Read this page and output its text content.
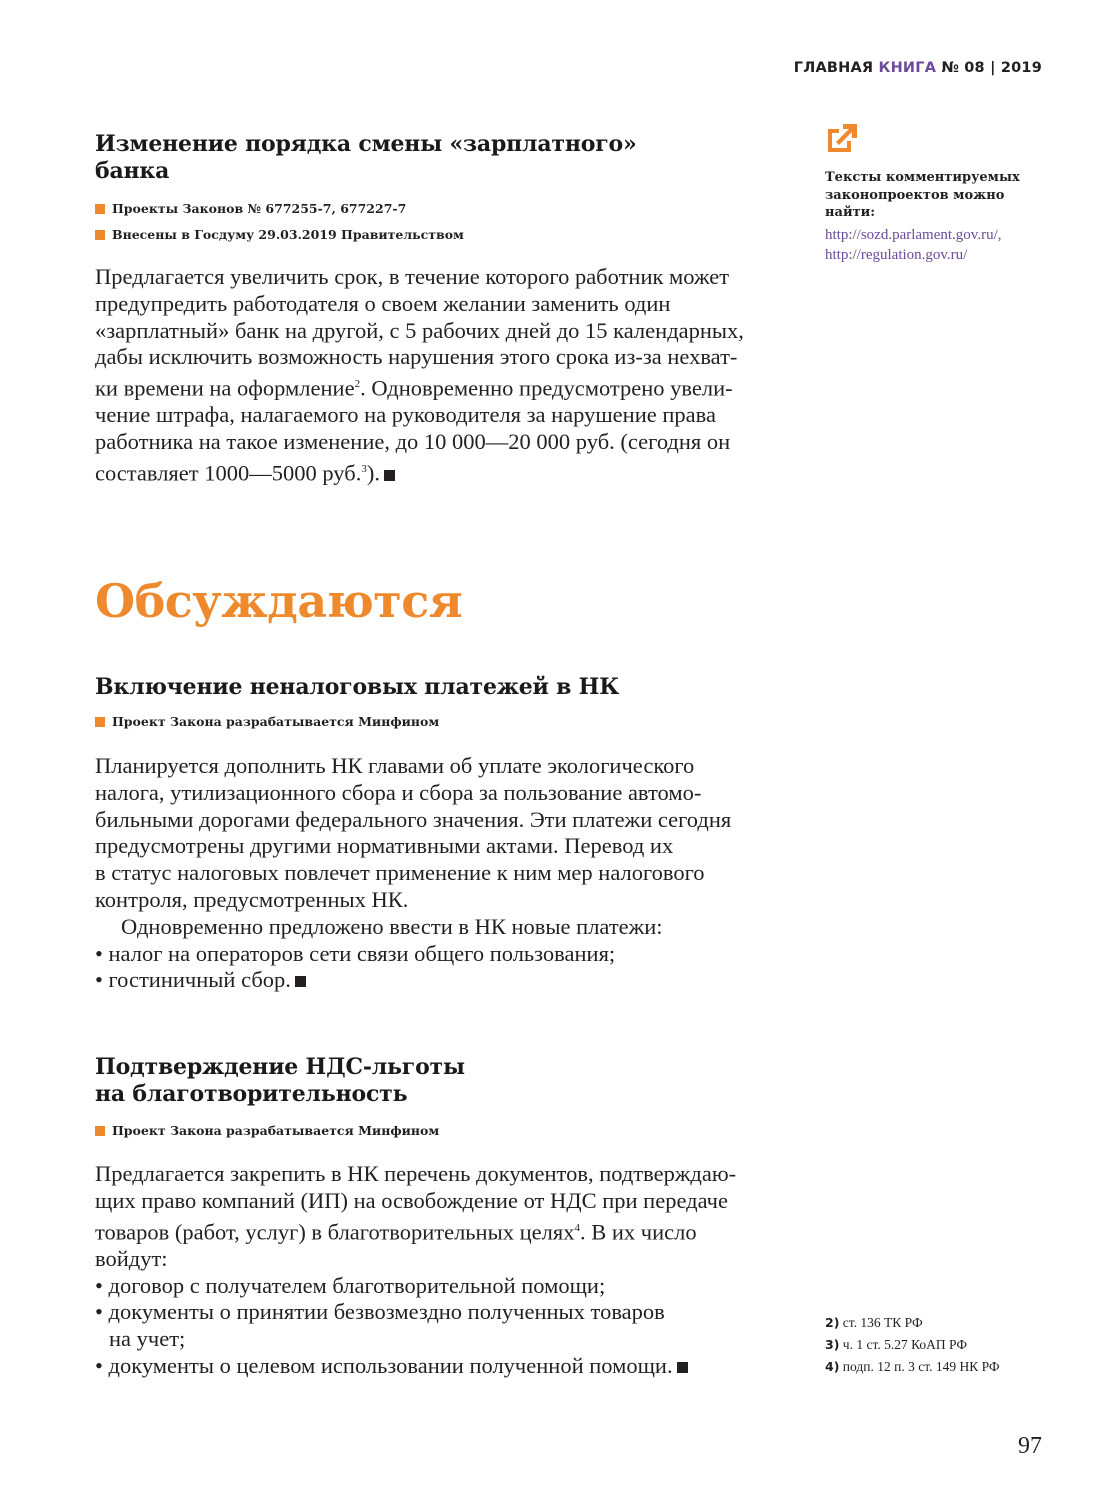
ГЛАВНАЯ КНИГА № 08 | 2019
Изменение порядка смены «зарплатного»
банка
Проекты Законов № 677255-7, 677227-7
Внесены в Госдуму 29.03.2019 Правительством

Предлагается увеличить срок, в течение которого работник может

предупредить работодателя о своем желании заменить один

«зарплатный» банк на другой, с 5 рабочих дней до 15 календарных,

дабы исключить возможность нарушения этого срока из-за нехват-

ки времени на оформление$^2$. Одновременно предусмотрено увели-

чение штрафа, налагаемого на руководителя за нарушение права

работника на такое изменение, до 10 000—20 000 руб. (сегодня он

составляет 1000—5000 руб.$^3$).

Обсуждаются
Включение неналоговых платежей в НК
Проект Закона разрабатывается Минфином

Планируется дополнить НК главами об уплате экологического

налога, утилизационного сбора и сбора за пользование автомо-

бильными дорогами федерального значения. Эти платежи сегодня

предусмотрены другими нормативными актами. Перевод их

в статус налоговых повлечет применение к ним мер налогового

контроля, предусмотренных НК.

Одновременно предложено ввести в НК новые платежи:

• налог на операторов сети связи общего пользования;

• гостиничный сбор.

Подтверждение НДС-льготы
на благотворительность
Проект Закона разрабатывается Минфином

Предлагается закрепить в НК перечень документов, подтверждаю-

щих право компаний (ИП) на освобождение от НДС при передаче

товаров (работ, услуг) в благотворительных целях$^4$. В их число

войдут:

• договор с получателем благотворительной помощи;

• документы о принятии безвозмездно полученных товаров

на учет;

• документы о целевом использовании полученной помощи.

Тексты комментируемых
законопроектов можно
найти:
http://sozd.parlament.gov.ru/,
http://regulation.gov.ru/
2) ст. 136 ТК РФ
3) ч. 1 ст. 5.27 КоАП РФ
4) подп. 12 п. 3 ст. 149 НК РФ
97
